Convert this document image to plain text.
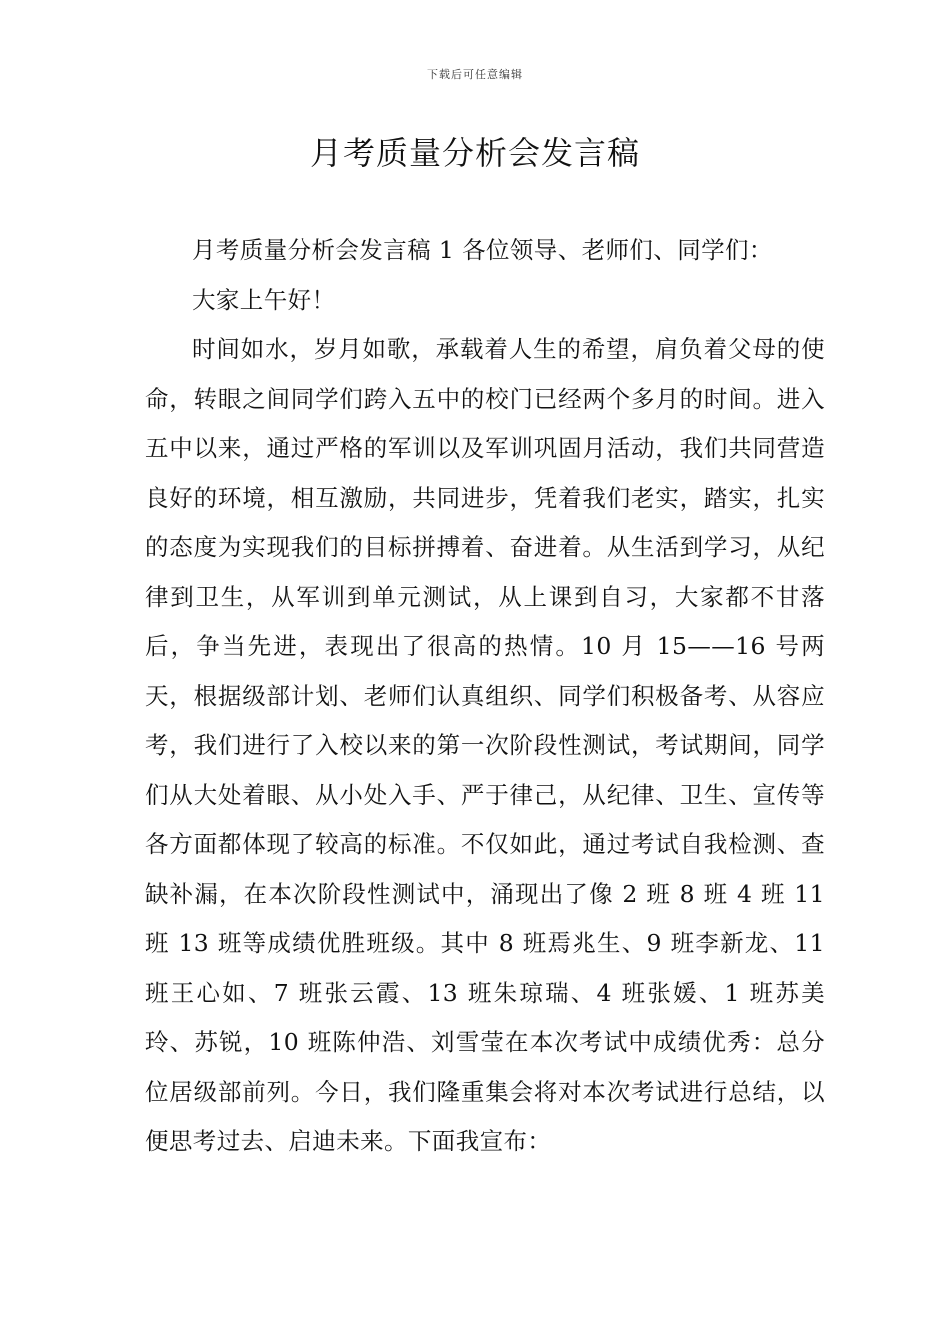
下载后可任意编辑
月考质量分析会发言稿

月考质量分析会发言稿 1 各位领导、老师们、同学们：

大家上午好！

时间如水，岁月如歌，承载着人生的希望，肩负着父母的使命，转眼之间同学们跨入五中的校门已经两个多月的时间。进入五中以来，通过严格的军训以及军训巩固月活动，我们共同营造良好的环境，相互激励，共同进步，凭着我们老实，踏实，扎实的态度为实现我们的目标拼搏着、奋进着。从生活到学习，从纪律到卫生，从军训到单元测试，从上课到自习，大家都不甘落后，争当先进，表现出了很高的热情。10 月 15——16 号两天，根据级部计划、老师们认真组织、同学们积极备考、从容应考，我们进行了入校以来的第一次阶段性测试，考试期间，同学们从大处着眼、从小处入手、严于律己，从纪律、卫生、宣传等各方面都体现了较高的标准。不仅如此，通过考试自我检测、查缺补漏，在本次阶段性测试中，涌现出了像 2 班 8 班 4 班 11 班 13 班等成绩优胜班级。其中 8 班焉兆生、9 班李新龙、11 班王心如、7 班张云霞、13 班朱琼瑞、4 班张媛、1 班苏美玲、苏锐，10 班陈仲浩、刘雪莹在本次考试中成绩优秀：总分位居级部前列。今日，我们隆重集会将对本次考试进行总结，以便思考过去、启迪未来。下面我宣布：
